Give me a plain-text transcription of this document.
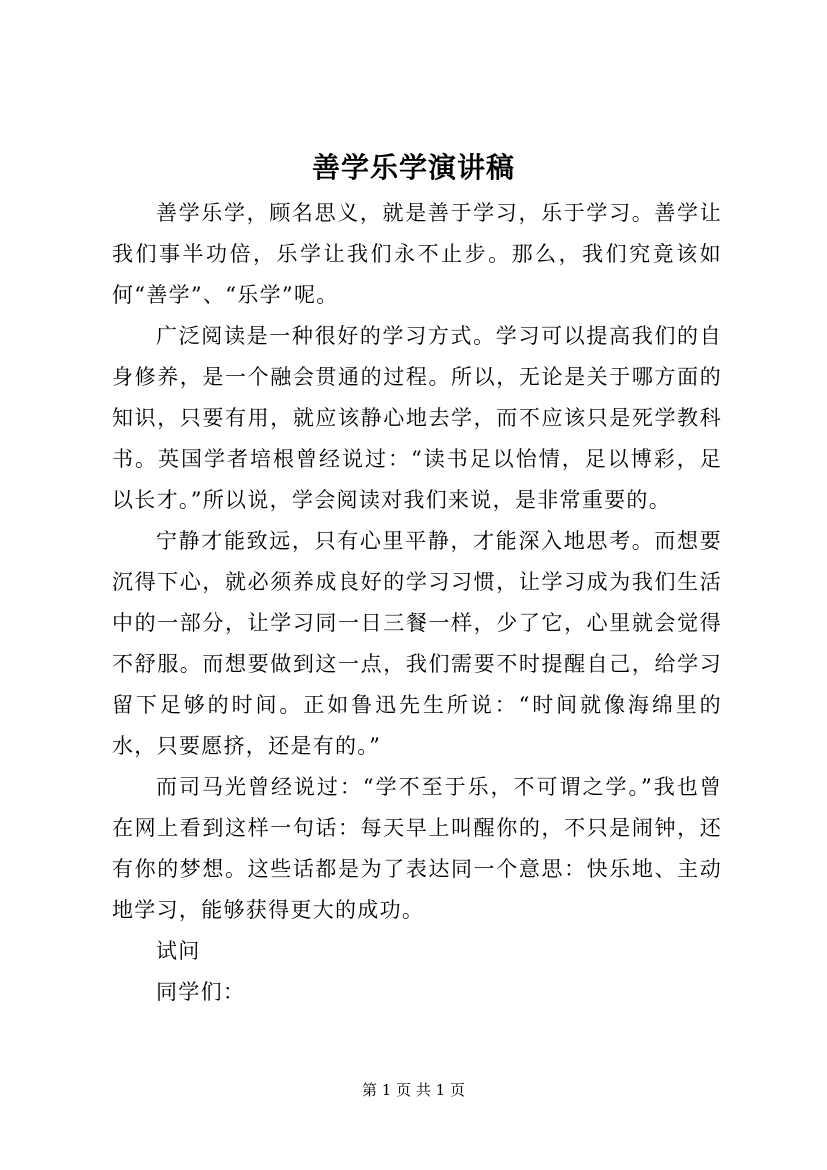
善学乐学演讲稿

善学乐学，顾名思义，就是善于学习，乐于学习。善学让我们事半功倍，乐学让我们永不止步。那么，我们究竟该如何“善学”、“乐学”呢。

广泛阅读是一种很好的学习方式。学习可以提高我们的自身修养，是一个融会贯通的过程。所以，无论是关于哪方面的知识，只要有用，就应该静心地去学，而不应该只是死学教科书。英国学者培根曾经说过：“读书足以怡情，足以博彩，足以长才。”所以说，学会阅读对我们来说，是非常重要的。

宁静才能致远，只有心里平静，才能深入地思考。而想要沉得下心，就必须养成良好的学习习惯，让学习成为我们生活中的一部分，让学习同一日三餐一样，少了它，心里就会觉得不舒服。而想要做到这一点，我们需要不时提醒自己，给学习留下足够的时间。正如鲁迅先生所说：“时间就像海绵里的水，只要愿挤，还是有的。”

而司马光曾经说过：“学不至于乐，不可谓之学。”我也曾在网上看到这样一句话：每天早上叫醒你的，不只是闹钟，还有你的梦想。这些话都是为了表达同一个意思：快乐地、主动地学习，能够获得更大的成功。

试问

同学们：

第 1 页 共 1 页
